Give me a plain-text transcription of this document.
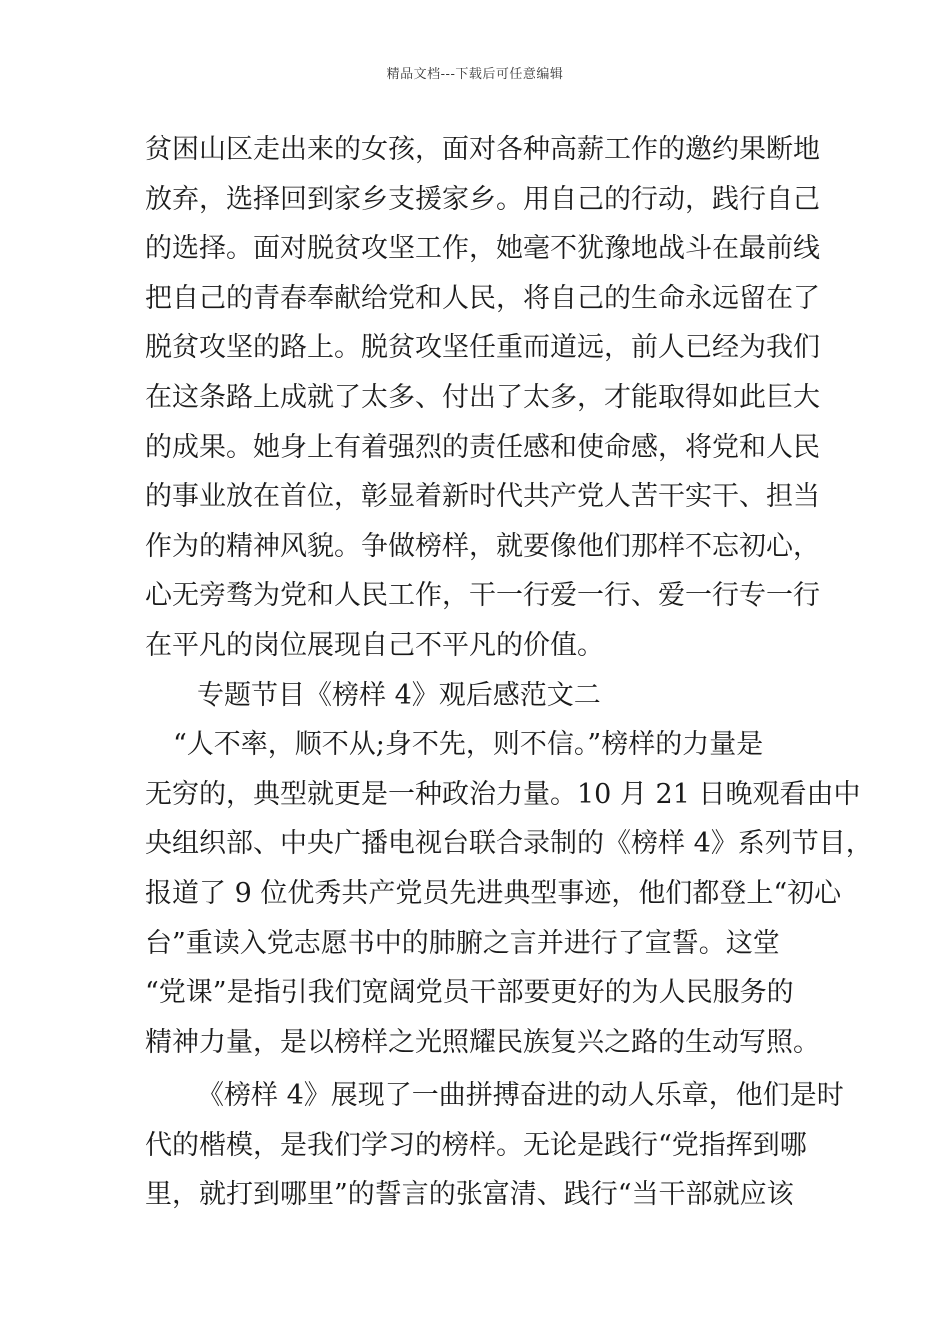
精品文档---下载后可任意编辑
贫困山区走出来的女孩，面对各种高薪工作的邀约果断地
放弃，选择回到家乡支援家乡。用自己的行动，践行自己
的选择。面对脱贫攻坚工作，她毫不犹豫地战斗在最前线
把自己的青春奉献给党和人民，将自己的生命永远留在了
脱贫攻坚的路上。脱贫攻坚任重而道远，前人已经为我们
在这条路上成就了太多、付出了太多，才能取得如此巨大
的成果。她身上有着强烈的责任感和使命感，将党和人民
的事业放在首位，彰显着新时代共产党人苦干实干、担当
作为的精神风貌。争做榜样，就要像他们那样不忘初心，
心无旁骛为党和人民工作，干一行爱一行、爱一行专一行
在平凡的岗位展现自己不平凡的价值。
专题节目《榜样 4》观后感范文二
“人不率，顺不从;身不先，则不信。”榜样的力量是
无穷的，典型就更是一种政治力量。10 月 21 日晚观看由中
央组织部、中央广播电视台联合录制的《榜样 4》系列节目，
报道了 9 位优秀共产党员先进典型事迹，他们都登上“初心
台”重读入党志愿书中的肺腑之言并进行了宣誓。这堂
“党课”是指引我们宽阔党员干部要更好的为人民服务的
精神力量，是以榜样之光照耀民族复兴之路的生动写照。
《榜样 4》展现了一曲拼搏奋进的动人乐章，他们是时
代的楷模，是我们学习的榜样。无论是践行“党指挥到哪
里，就打到哪里”的誓言的张富清、践行“当干部就应该
